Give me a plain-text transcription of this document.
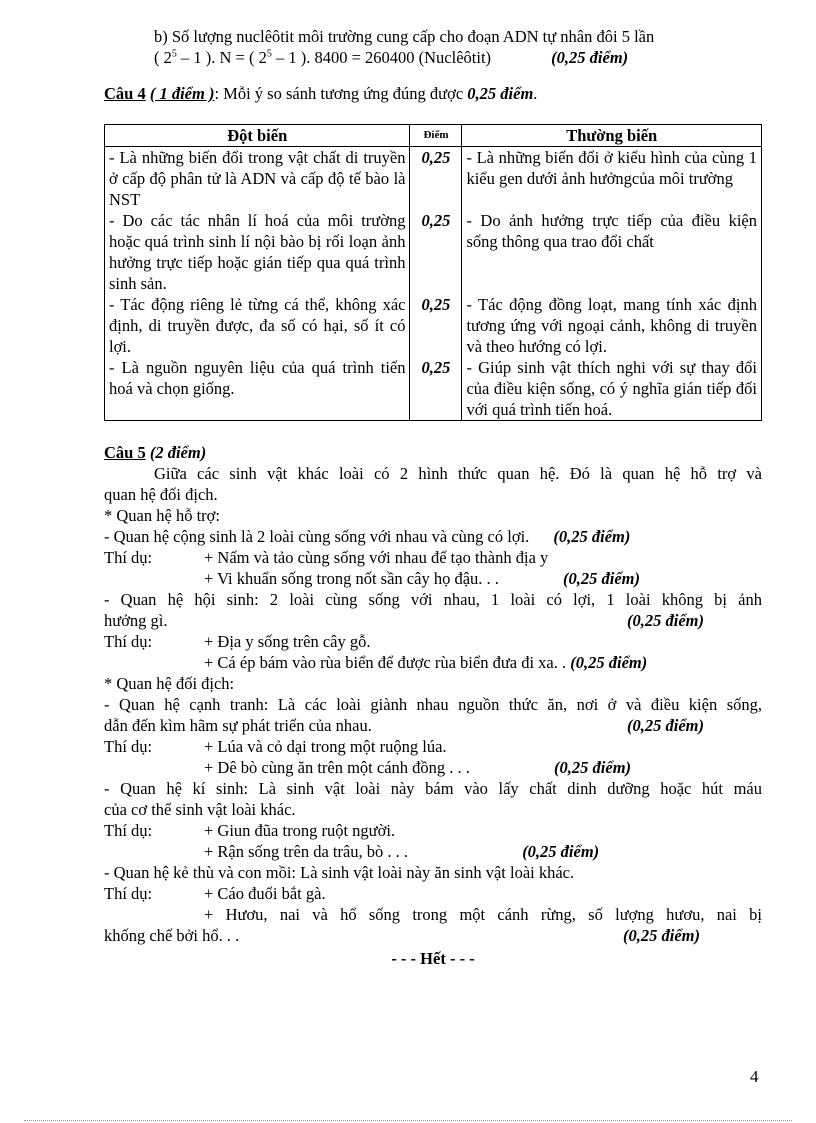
b) Số lượng nuclêôtit môi trường cung cấp cho đoạn ADN tự nhân đôi 5 lần
( $2^5 - 1$ ). N = ( $2^5 - 1$ ). 8400 = 260400 (Nuclêôtit)	(0,25 điểm)
Câu 4 ( 1 điểm ): Mỗi ý so sánh tương ứng đúng được 0,25 điểm.
Đột biến	Điểm	Thường biến
- Là những biến đổi trong vật chất di truyền ở cấp độ phân tử là ADN và cấp độ tế bào là NST	0,25	- Là những biến đổi ở kiểu hình của cùng 1 kiểu gen dưới ảnh hưởngcủa môi trường
- Do các tác nhân lí hoá của môi trường hoặc quá trình sinh lí nội bào bị rối loạn ảnh hưởng trực tiếp hoặc gián tiếp qua quá trình sinh sản.	0,25	- Do ảnh hưởng trực tiếp của điều kiện sống thông qua trao đổi chất
- Tác động riêng lẻ từng cá thể, không xác định, di truyền được, đa số có hại, số ít có lợi.	0,25	- Tác động đồng loạt, mang tính xác định tương ứng với ngoại cảnh, không di truyền và theo hướng có lợi.
- Là nguồn nguyên liệu của quá trình tiến hoá và chọn giống.	0,25	- Giúp sinh vật thích nghi với sự thay đổi của điều kiện sống, có ý nghĩa gián tiếp đối với quá trình tiến hoá.
Câu 5 (2 điểm)
Giữa các sinh vật khác loài có 2 hình thức quan hệ. Đó là quan hệ hỗ trợ và
quan hệ đối địch.
* Quan hệ hỗ trợ:
- Quan hệ cộng sinh là 2 loài cùng sống với nhau và cùng có lợi. (0,25 điểm)
Thí dụ:	+ Nấm và tảo cùng sống với nhau để tạo thành địa y
+ Vi khuẩn sống trong nốt sần cây họ đậu. . .	(0,25 điểm)
- Quan hệ hội sinh: 2 loài cùng sống với nhau, 1 loài có lợi, 1 loài không bị ảnh
hưởng gì.	(0,25 điểm)
Thí dụ:	+ Địa y sống trên cây gỗ.
+ Cá ép bám vào rùa biển để được rùa biển đưa đi xa. . (0,25 điểm)
* Quan hệ đối địch:
- Quan hệ cạnh tranh: Là các loài giành nhau nguồn thức ăn, nơi ở và điều kiện sống,
dẫn đến kìm hãm sự phát triển của nhau.	(0,25 điểm)
Thí dụ:	+ Lúa và cỏ dại trong một ruộng lúa.
+ Dê bò cùng ăn trên một cánh đồng . . .	(0,25 điểm)
- Quan hệ kí sinh: Là sinh vật loài này bám vào lấy chất dinh dưỡng hoặc hút máu
của cơ thể sinh vật loài khác.
Thí dụ:	+ Giun đũa trong ruột người.
+ Rận sống trên da trâu, bò . . .	(0,25 điểm)
- Quan hệ kẻ thù và con mồi: Là sinh vật loài này ăn sinh vật loài khác.
Thí dụ:	+ Cáo đuổi bắt gà.
+ Hươu, nai và hổ sống trong một cánh rừng, số lượng hươu, nai bị
khống chế bởi hổ. . .	(0,25 điểm)
- - - Hết - - -
4
